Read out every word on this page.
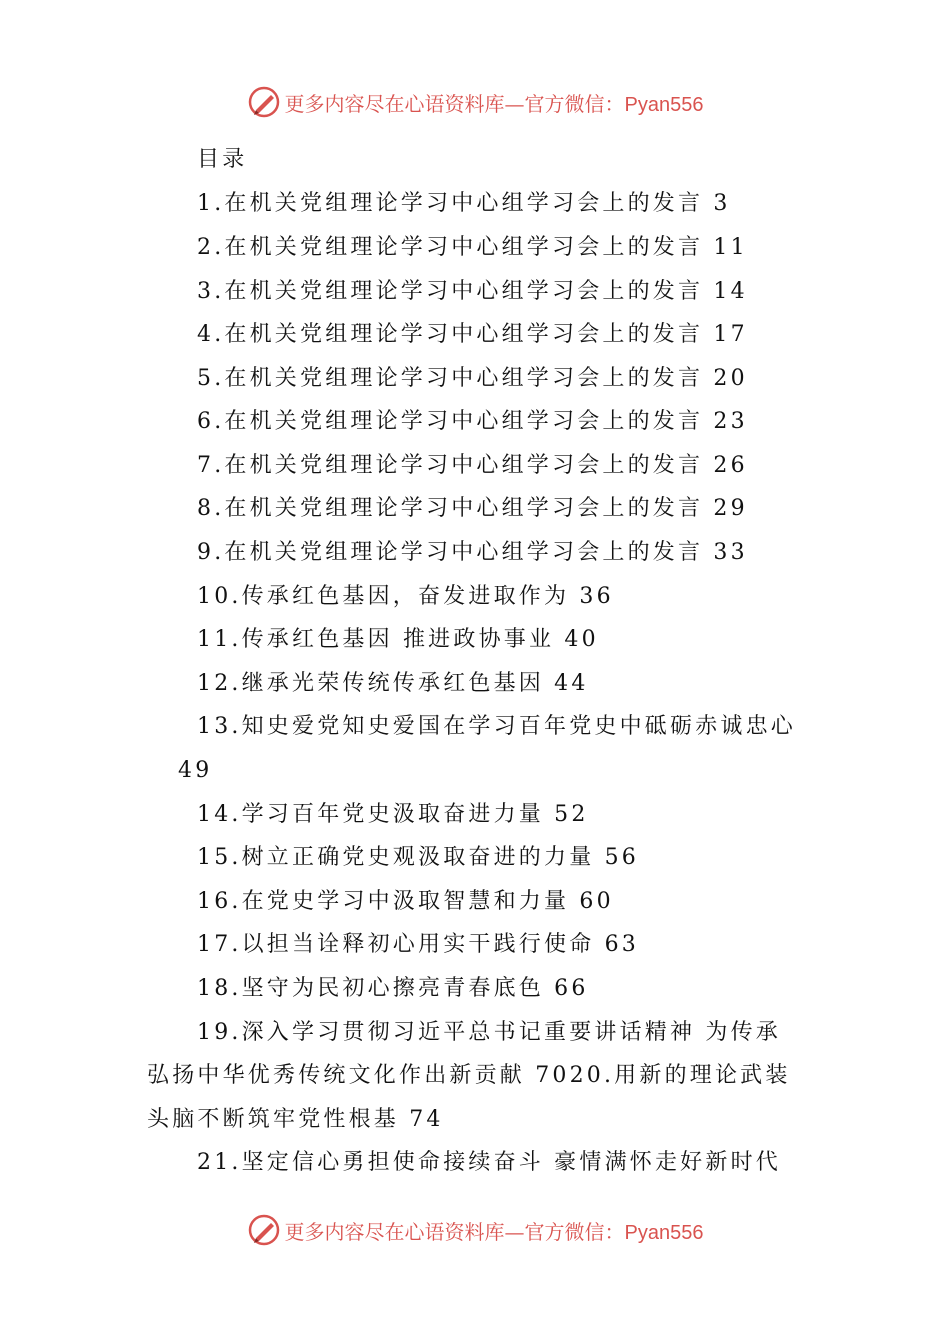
更多内容尽在心语资料库—官方微信：Pyan556
目录
1.在机关党组理论学习中心组学习会上的发言 3
2.在机关党组理论学习中心组学习会上的发言 11
3.在机关党组理论学习中心组学习会上的发言 14
4.在机关党组理论学习中心组学习会上的发言 17
5.在机关党组理论学习中心组学习会上的发言 20
6.在机关党组理论学习中心组学习会上的发言 23
7.在机关党组理论学习中心组学习会上的发言 26
8.在机关党组理论学习中心组学习会上的发言 29
9.在机关党组理论学习中心组学习会上的发言 33
10.传承红色基因，奋发进取作为 36
11.传承红色基因 推进政协事业 40
12.继承光荣传统传承红色基因 44
13.知史爱党知史爱国在学习百年党史中砥砺赤诚忠心
49
14.学习百年党史汲取奋进力量 52
15.树立正确党史观汲取奋进的力量 56
16.在党史学习中汲取智慧和力量 60
17.以担当诠释初心用实干践行使命 63
18.坚守为民初心擦亮青春底色 66
19.深入学习贯彻习近平总书记重要讲话精神 为传承
弘扬中华优秀传统文化作出新贡献 7020.用新的理论武装
头脑不断筑牢党性根基 74
21.坚定信心勇担使命接续奋斗 豪情满怀走好新时代
更多内容尽在心语资料库—官方微信：Pyan556
